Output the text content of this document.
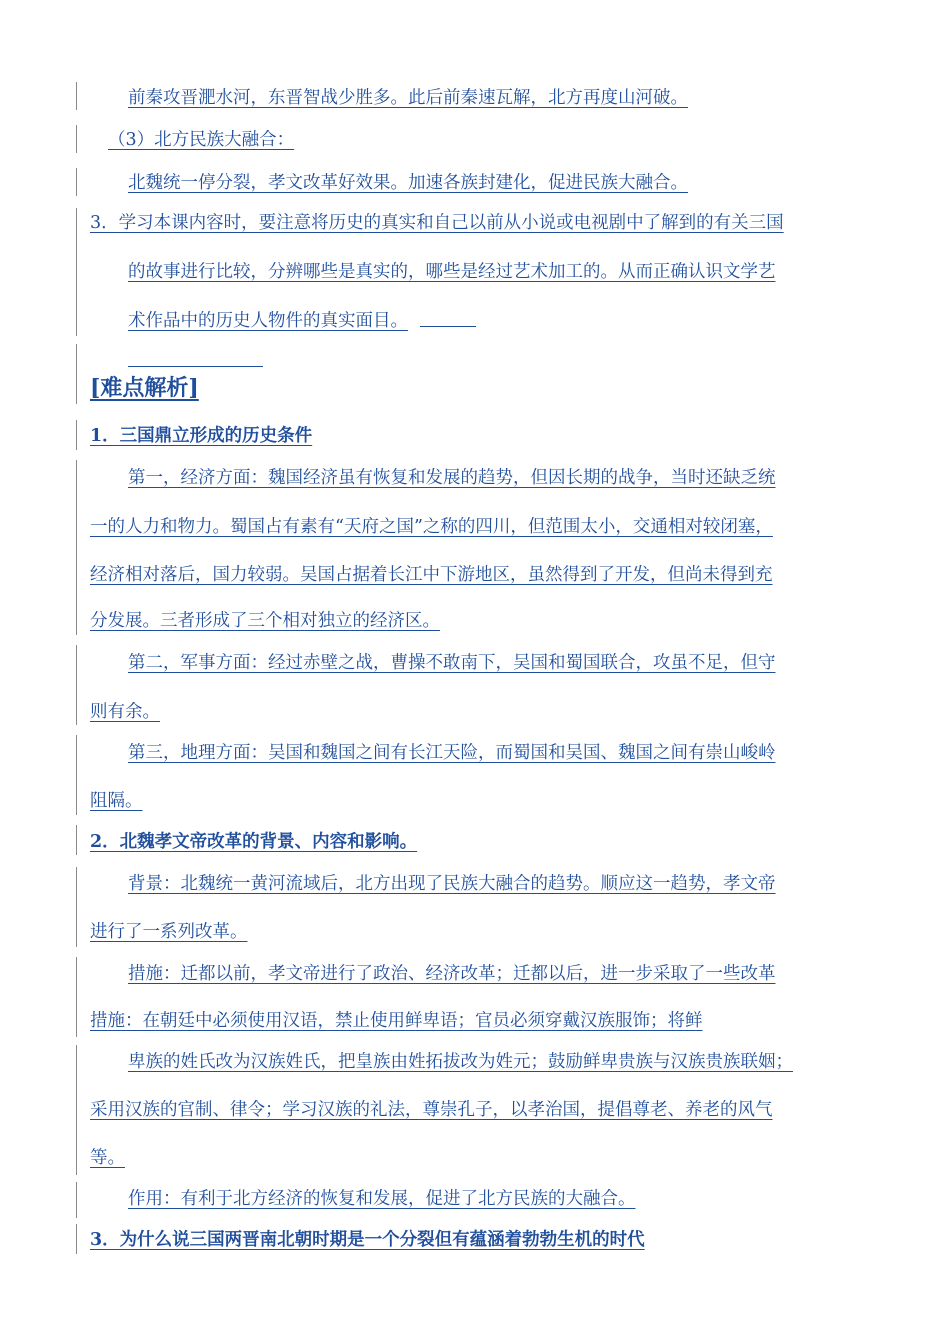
前秦攻晋淝水河，东晋智战少胜多。此后前秦速瓦解，北方再度山河破。
（3）北方民族大融合：
北魏统一停分裂，孝文改革好效果。加速各族封建化，促进民族大融合。
3．学习本课内容时，要注意将历史的真实和自己以前从小说或电视剧中了解到的有关三国
的故事进行比较，分辨哪些是真实的，哪些是经过艺术加工的。从而正确认识文学艺
术作品中的历史人物件的真实面目。
[难点解析]
1．三国鼎立形成的历史条件
第一，经济方面：魏国经济虽有恢复和发展的趋势，但因长期的战争，当时还缺乏统
一的人力和物力。蜀国占有素有“天府之国”之称的四川，但范围太小，交通相对较闭塞，
经济相对落后，国力较弱。吴国占据着长江中下游地区，虽然得到了开发，但尚未得到充
分发展。三者形成了三个相对独立的经济区。
第二，军事方面：经过赤壁之战，曹操不敢南下，吴国和蜀国联合，攻虽不足，但守
则有余。
第三，地理方面：吴国和魏国之间有长江天险，而蜀国和吴国、魏国之间有崇山峻岭
阻隔。
2．北魏孝文帝改革的背景、内容和影响。
背景：北魏统一黄河流域后，北方出现了民族大融合的趋势。顺应这一趋势，孝文帝
进行了一系列改革。
措施：迁都以前，孝文帝进行了政治、经济改革；迁都以后，进一步采取了一些改革
措施：在朝廷中必须使用汉语，禁止使用鲜卑语；官员必须穿戴汉族服饰；将鲜
卑族的姓氏改为汉族姓氏，把皇族由姓拓拔改为姓元；鼓励鲜卑贵族与汉族贵族联姻；
采用汉族的官制、律令；学习汉族的礼法，尊崇孔子，以孝治国，提倡尊老、养老的风气
等。
作用：有利于北方经济的恢复和发展，促进了北方民族的大融合。
3．为什么说三国两晋南北朝时期是一个分裂但有蕴涵着勃勃生机的时代
